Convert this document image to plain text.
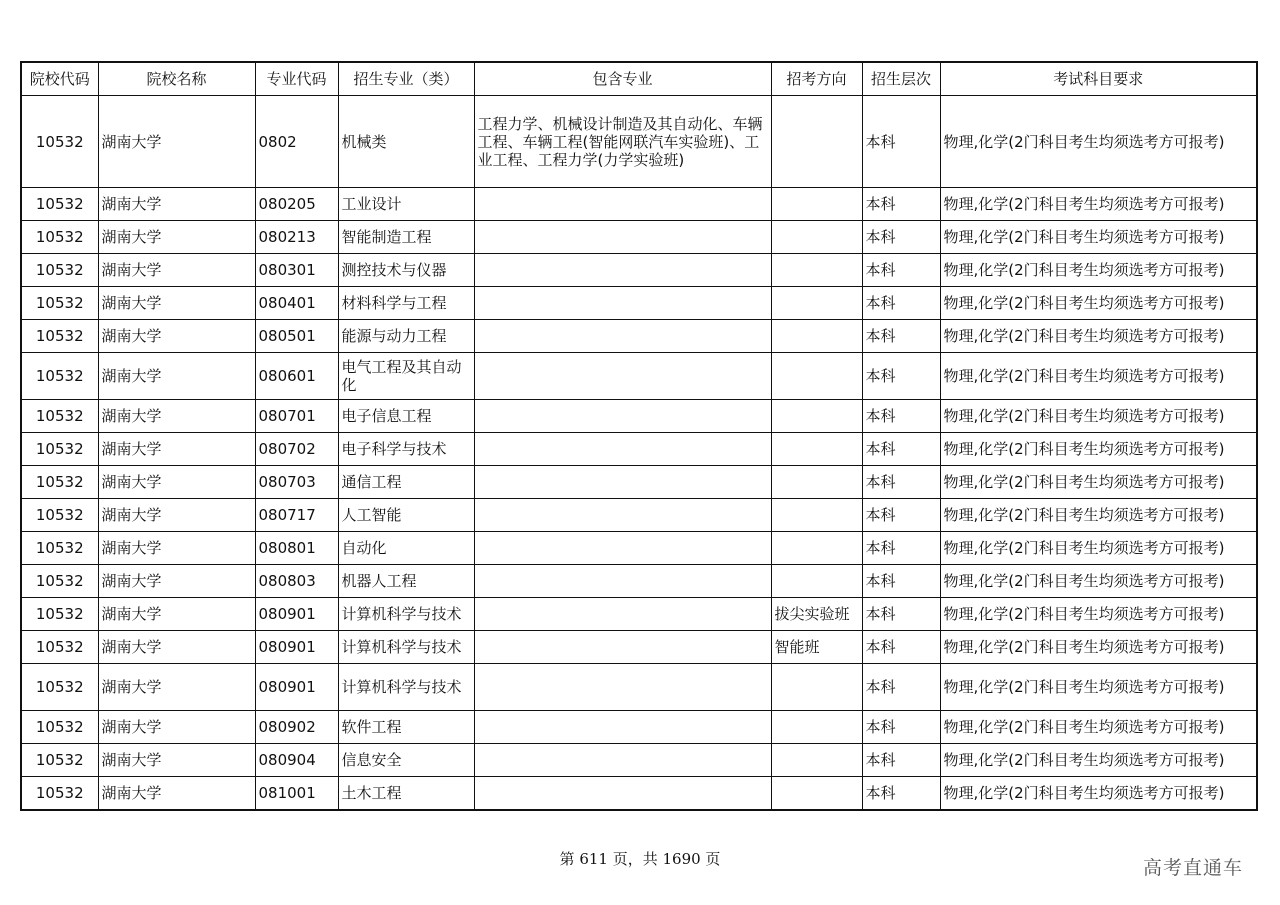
院校代码	院校名称	专业代码	招生专业（类）	包含专业	招考方向	招生层次	考试科目要求
10532	湖南大学	0802	机械类	工程力学、机械设计制造及其自动化、车辆工程、车辆工程(智能网联汽车实验班)、工业工程、工程力学(力学实验班)		本科	物理,化学(2门科目考生均须选考方可报考)
10532	湖南大学	080205	工业设计			本科	物理,化学(2门科目考生均须选考方可报考)
10532	湖南大学	080213	智能制造工程			本科	物理,化学(2门科目考生均须选考方可报考)
10532	湖南大学	080301	测控技术与仪器			本科	物理,化学(2门科目考生均须选考方可报考)
10532	湖南大学	080401	材料科学与工程			本科	物理,化学(2门科目考生均须选考方可报考)
10532	湖南大学	080501	能源与动力工程			本科	物理,化学(2门科目考生均须选考方可报考)
10532	湖南大学	080601	电气工程及其自动化			本科	物理,化学(2门科目考生均须选考方可报考)
10532	湖南大学	080701	电子信息工程			本科	物理,化学(2门科目考生均须选考方可报考)
10532	湖南大学	080702	电子科学与技术			本科	物理,化学(2门科目考生均须选考方可报考)
10532	湖南大学	080703	通信工程			本科	物理,化学(2门科目考生均须选考方可报考)
10532	湖南大学	080717	人工智能			本科	物理,化学(2门科目考生均须选考方可报考)
10532	湖南大学	080801	自动化			本科	物理,化学(2门科目考生均须选考方可报考)
10532	湖南大学	080803	机器人工程			本科	物理,化学(2门科目考生均须选考方可报考)
10532	湖南大学	080901	计算机科学与技术		拔尖实验班	本科	物理,化学(2门科目考生均须选考方可报考)
10532	湖南大学	080901	计算机科学与技术		智能班	本科	物理,化学(2门科目考生均须选考方可报考)
10532	湖南大学	080901	计算机科学与技术			本科	物理,化学(2门科目考生均须选考方可报考)
10532	湖南大学	080902	软件工程			本科	物理,化学(2门科目考生均须选考方可报考)
10532	湖南大学	080904	信息安全			本科	物理,化学(2门科目考生均须选考方可报考)
10532	湖南大学	081001	土木工程			本科	物理,化学(2门科目考生均须选考方可报考)
第 611 页，共 1690 页	高考直通车
